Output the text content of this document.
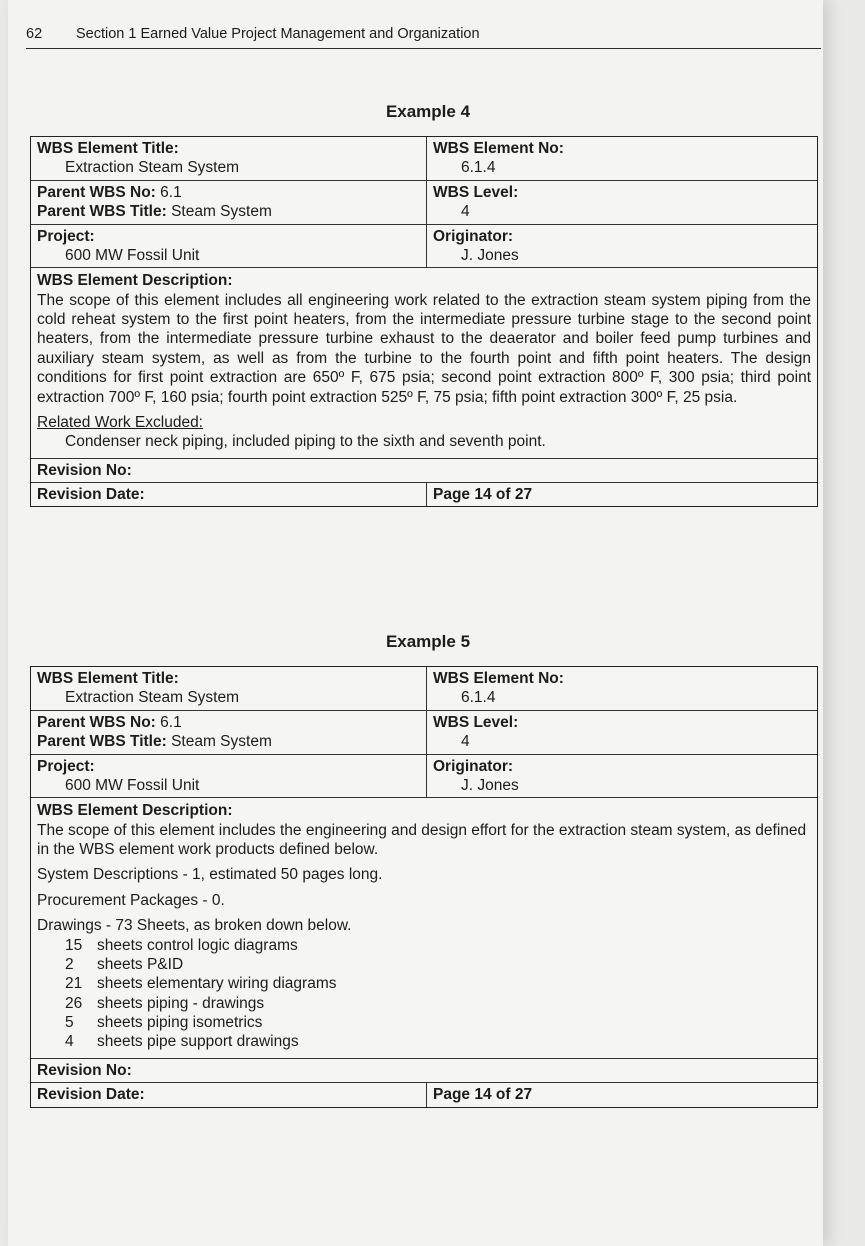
62 Section 1 Earned Value Project Management and Organization
Example 4
WBS Element Title:
Extraction Steam System
WBS Element No:
6.1.4
Parent WBS No: 6.1
Parent WBS Title: Steam System
WBS Level:
4
Project:
600 MW Fossil Unit
Originator:
J. Jones
WBS Element Description:

The scope of this element includes all engineering work related to the extraction steam system piping from the cold reheat system to the first point heaters, from the intermediate pressure turbine stage to the second point heaters, from the intermediate pressure turbine exhaust to the deaerator and boiler feed pump turbines and auxiliary steam system, as well as from the turbine to the fourth point and fifth point heaters. The design conditions for first point extraction are 650º F, 675 psia; second point extraction 800º F, 300 psia; third point extraction 700º F, 160 psia; fourth point extraction 525º F, 75 psia; fifth point extraction 300º F, 25 psia.

Related Work Excluded:
Condenser neck piping, included piping to the sixth and seventh point.
Revision No:
Revision Date:	Page 14 of 27
Example 5
WBS Element Title:
Extraction Steam System
WBS Element No:
6.1.4
Parent WBS No: 6.1
Parent WBS Title: Steam System
WBS Level:
4
Project:
600 MW Fossil Unit
Originator:
J. Jones
WBS Element Description:

The scope of this element includes the engineering and design effort for the extraction steam system, as defined in the WBS element work products defined below.

System Descriptions - 1, estimated 50 pages long.

Procurement Packages - 0.

Drawings - 73 Sheets, as broken down below.
15 sheets control logic diagrams
2	sheets P&ID
21 sheets elementary wiring diagrams
26 sheets piping - drawings
5	sheets piping isometrics
4	sheets pipe support drawings
Revision No:
Revision Date:	Page 14 of 27
